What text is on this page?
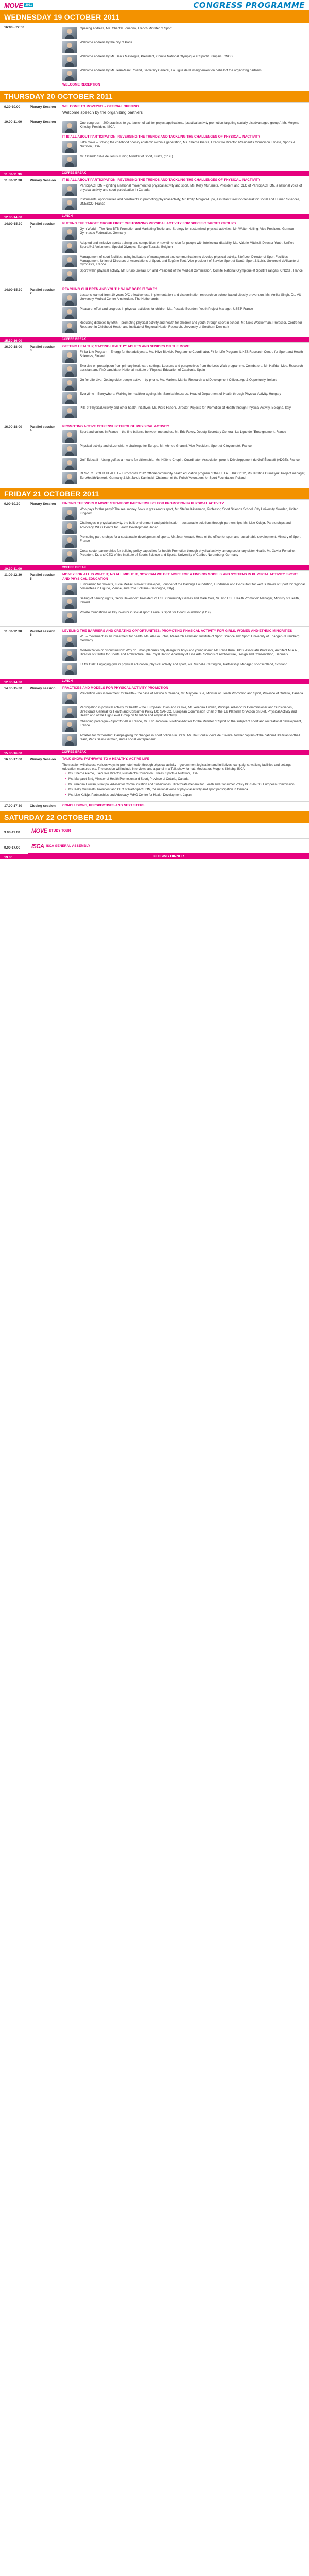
MOVE 2011	CONGRESS PROGRAMME
WEDNESDAY 19 OCTOBER 2011
16:00 - 22:00	Opening address, Ms. Chantal Jouanno, French Minister of Sport
Welcome address by the city of Paris
Welcome address by Mr. Denis Masseglia, President, Comité National Olympique et Sportif Français, CNOSF
Welcome address by Mr. Jean-Marc Roland, Secretary General, La Ligue de l'Enseignement on behalf of the organizing partners
WELCOME RECEPTION
THURSDAY 20 OCTOBER 2011
9.30-10.00	Plenary Session	WELCOME TO MOVE2011 – OFFICIAL OPENING
Welcome speech by the organizing partners
10.00-11.00	Plenary Session	One congress – 200 practices to go, launch of call for project applications, 'practical activity promotion targeting socially disadvantaged groups', Mr. Mogens Kirkeby, President, ISCA
IT IS ALL ABOUT PARTICIPATION: REVERSING THE TRENDS AND TACKLING THE CHALLENGES OF PHYSICAL INACTIVITY
Let's move – Solving the childhood obesity epidemic within a generation, Ms. Sherrie Pierce, Executive Director, President's Council on Fitness, Sports & Nutrition, USA
Mr. Orlando Silva de Jesus Junior, Minister of Sport, Brazil, (t.b.c.)
11.00-11.30	COFFEE BREAK
11.30-12.30	Plenary Session	IT IS ALL ABOUT PARTICIPATION: REVERSING THE TRENDS AND TACKLING THE CHALLENGES OF PHYSICAL INACTIVITY
ParticipACTION – igniting a national movement for physical activity and sport, Ms. Kelly Murumets, President and CEO of ParticipACTION, a national voice of physical activity and sport participation in Canada
Instruments, opportunities and constraints in promoting physical activity, Mr. Philip Morgan-Lupo, Assistant Director-General for Social and Human Sciences, UNESCO, France
12.30-14.00	LUNCH
14:00-15.30	Parallel session 1
PUTTING THE TARGET GROUP FIRST: CUSTOMIZING PHYSICAL ACTIVITY FOR SPECIFIC TARGET GROUPS
Gym World – The New BTB Promotion and Marketing Toolkit and Strategy for customized physical activities, Mr. Walter Heiling, Vice President, German Gymnastic Federation, Germany
Adapted and inclusive sports training and competition: A new dimension for people with intellectual disability, Ms. Valerie Mitchell, Director Youth, Unified Sports® & Volunteers, Special Olympics Europe/Eurasia, Belgium
Management of sport facilities: using indicators of management and communication to develop physical activity, Stef Lee, Director of Sport Facilities Management, Union of Directors of Associations of Sport, and Eugène Tuot, Vice-president of Service Sport et Santé, Sport & Loisir, Université d'Alicante of Gymnasts, France
Sport within physical activity, Mr. Bruno Soleau, Dr. and President of the Medical Commission, Comité National Olympique et Sportif Français, CNOSF, France
14:00-15.30	Parallel session 2
REACHING CHILDREN AND YOUTH: WHAT DOES IT TAKE?
Lessons learned from 10 years D/C effectiveness, implementation and dissemination research on school-based obesity prevention, Ms. Amika Singh, Dr., VU University Medical Centre Amsterdam, The Netherlands
Pleasure, effort and progress in physical activities for children Ms. Pascale Bourdon, Youth Project Manager, USEP, France
Reducing diabetes by 50% – promoting physical activity and health for children and youth through sport in school, Mr. Niels Weckerman, Professor, Centre for Research in Childhood Health and Institute of Regional Health Research, University of Southern Denmark
15.30-16.00	COFFEE BREAK
16.00-18.00	Parallel session 3
GETTING HEALTHY, STAYING HEALTHY: ADULTS AND SENIORS ON THE MOVE
Fit for Life Program – Energy for the adult years, Ms. Hilve Blevick, Programme Coordinator, Fit for Life Program, LIKES Research Centre for Sport and Health Sciences, Finland
Exercise on prescription from primary healthcare settings: Lessons and perspectives from the Let's Walk programme, Coimbatore, Mr. Halfdan Moe, Research assistant and PhD candidate, National Institute of Physical Education of Catalonia, Spain
Go for Life-Live: Getting older people active – by phone. Ms. Marlena Mahla, Research and Development Officer, Age & Opportunity, Ireland
Everytime – Everywhere: Walking for healthier ageing, Ms. Sarolta Meszaros, Head of Department of Health through Physical Activity, Hungary
Pills of Physical Activity and other health initiatives, Mr. Piero Fattoni, Director Projects for Promotion of Health through Physical Activity, Bologna, Italy
16.00-18.00	Parallel session 4
PROMOTING ACTIVE CITIZENSHIP THROUGH PHYSICAL ACTIVITY
Sport and culture in France – the fine balance between me and us, Mr. Eric Favey, Deputy Secretary General, La Ligue de l'Enseignement, France
Physical activity and citizenship: A challenge for Europe, Mr. Ahmed Ghanini, Vice President, Sport et Citoyenneté, France
Golf Éducatif – Using golf as a means for citizenship, Ms. Hélène Chopin, Coordinator, Association pour le Développement du Golf Éducatif (ADGE), France
RESPECT YOUR HEALTH – Eurochords 2012 Official community health education program of the UEFA EURO 2012, Ms. Kristina Gumalyuk, Project manager, EuroHealthNetwork, Germany & Mr. Jakub Kaminski, Chairman of the Polish Volunteers for Sport Foundation, Poland
FRIDAY 21 OCTOBER 2011
9.00-10.30	Plenary Session	FINDING THE WORLD MOVE: STRATEGIC PARTNERSHIPS FOR PROMOTION IN PHYSICAL ACTIVITY
Who pays for the party? The real money flows in grass-roots sport, Mr. Stefan Käsemann, Professor, Sport Science School, City University Sweden, United Kingdom
Challenges in physical activity, the built environment and public health – sustainable solutions through partnerships, Ms. Lise Kolbjø, Partnerships and Advocacy, WHO Centre for Health Development, Japan
Promoting partnerships for a sustainable development of sports, Mr. Jean Arnault, Head of the office for sport and sustainable development, Ministry of Sport, France
Cross sector partnerships for building policy capacities for health Promotion through physical activity among sedentary sister Health, Mr. Xavier Fontaine, President, Dr. and CEO of the Institute of Sports Science and Sports, University of Caribe, Nuremberg, Germany
10.30-11.00	COFFEE BREAK
11.00-12.30	Parallel session 5
MONEY FOR ALL IS WHAT IT, NO ALL MIGHT IT, NOW CAN WE GET MORE FOR A FINDING MODELS AND SYSTEMS IN PHYSICAL ACTIVITY, SPORT AND PHYSICAL EDUCATION
Fundraising for projects, Lucie Mézac, Project Developer, Founder of the Daronge Foundation, Fundraiser and Consultant for Vertus Drives of Sport for regional committees in Ligurie, Vienne, and Côte Solitane (Gascogne, Italy)
Selling of naming rights, Gerry Davenport, President of HSE Community Games and Mark Cole, Sr. and HSE Health Promotion Manager, Ministry of Health, Ireland
Private foundations as key investor in social sport, Laureus Sport for Good Foundation (t.b.c)
11.00-12.30	Parallel session 6
LEVELING THE BARRIERS AND CREATING OPPORTUNITIES: PROMOTING PHYSICAL ACTIVITY FOR GIRLS, WOMEN AND ETHNIC MINORITIES
WE – movement as an investment for health, Ms. Alecka Fotos, Research Assistant, Institute of Sport Science and Sport, University of Erlangen-Nuremberg, Germany
Modernization or discrimination: Why do urban planners only design for boys and young men?, Mr. René Kural, PhD, Associate Professor, Architect M.A.A., Director of Centre for Sports and Architecture, The Royal Danish Academy of Fine Arts, Schools of Architecture, Design and Conservation, Denmark
Fit for Girls: Engaging girls in physical education, physical activity and sport, Ms. Michelle Carrington, Partnership Manager, sportscotland, Scotland
12.30-14.30	LUNCH
14.30-15.30	Plenary session	PRACTICES AND MODELS FOR PHYSICAL ACTIVITY PROMOTION
Prevention versus treatment for health – the case of Mexico & Canada, Mr. Mrygeré Sue, Minister of Health Promotion and Sport, Province of Ontario, Canada
Participation in physical activity for health – the European Union and its role, Mr. Yerepira Ewwan, Principal Advisor for Commissioner and Subsidiaries, Directorate General for Health and Consumer Policy DG SANCO, European Commission Chair of the EU Platform for Action on Diet, Physical Activity and Health and of the High Level Group on Nutrition and Physical Activity
Changing paradigm – Sport for All in France, Mr. Eric Jacrowie, Political Advisor for the Minister of Sport on the subject of sport and recreational development, France
Athletes for Citizenship: Campaigning for changes in sport policies in Brazil, Mr. Raí Souza Vieira de Oliveira, former captain of the national Brazilian football team, Paris Saint-Germain, and a social entrepreneur
15.30-16.00	COFFEE BREAK
16.00-17.00	Plenary Session	TALK SHOW: PATHWAYS TO A HEALTHY, ACTIVE LIFE
The session will discuss various ways to promote health through physical activity – government legislation and initiatives, campaigns, walking facilities and settings education measures etc. The session will include interviews and a panel in a Talk show format. Moderator: Mogens Kirkeby, ISCA
• Ms. Sherrie Pierce, Executive Director, President's Council on Fitness, Sports & Nutrition, USA
• Ms. Margaret Bird, Minister of Health Promotion and Sport, Province of Ontario, Canada
• Mr. Yerepira Ewwan, Principal Adviser for Communication and Subsidiaries, Directorate General for Health and Consumer Policy DG SANCO, European Commission
• Ms. Kelly Murumets, President and CEO of ParticipACTION, the national voice of physical activity and sport participation in Canada
• Ms. Lise Kolbjø, Partnerships and Advocacy, WHO Centre for Health Development, Japan
17.00-17.30	Closing session	CONCLUSIONS, PERSPECTIVES AND NEXT STEPS
SATURDAY 22 OCTOBER 2011
9.00-11.00	MOVE STUDY TOUR
9.00-17.00	ISCA ISCA GENERAL ASSEMBLY
19.30	CLOSING DINNER
